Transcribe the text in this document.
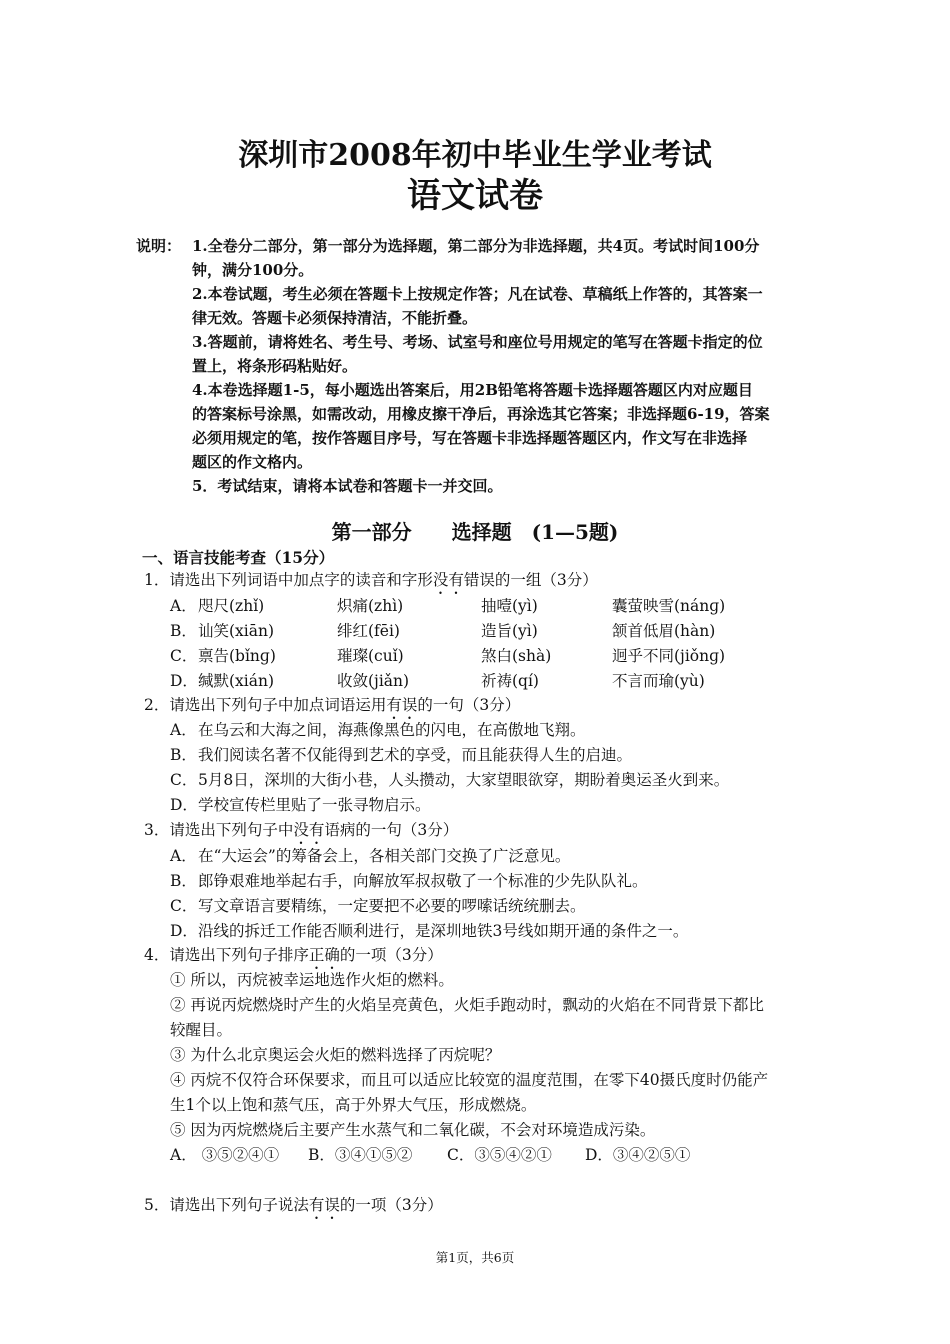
深圳市2008年初中毕业生学业考试
语文试卷
说明： 1.全卷分二部分，第一部分为选择题，第二部分为非选择题，共4页。考试时间100分
钟，满分100分。
2.本卷试题，考生必须在答题卡上按规定作答；凡在试卷、草稿纸上作答的，其答案一
律无效。答题卡必须保持清洁，不能折叠。
3.答题前，请将姓名、考生号、考场、试室号和座位号用规定的笔写在答题卡指定的位
置上，将条形码粘贴好。
4.本卷选择题1-5，每小题选出答案后，用2B铅笔将答题卡选择题答题区内对应题目
的答案标号涂黑，如需改动，用橡皮擦干净后，再涂选其它答案；非选择题6-19，答案
必须用规定的笔，按作答题目序号，写在答题卡非选择题答题区内，作文写在非选择
题区的作文格内。
5．考试结束，请将本试卷和答题卡一并交回。
第一部分　　选择题　(1—5题)
一、语言技能考查（15分）
1．请选出下列词语中加点字的读音和字形没有错误的一组（3分）
A． 咫尺(zhǐ)	炽痛(zhì)	抽噎(yì)	囊萤映雪(nánɡ)
B． 讪笑(xiān)	绯红(fēi)	造旨(yì)	颔首低眉(hàn)
C． 禀告(bǐnɡ)	璀璨(cuǐ)	煞白(shà)	迥乎不同(jiǒnɡ)
D． 缄默(xián)	收敛(jiǎn)	祈祷(qí)	不言而瑜(yù)
2．请选出下列句子中加点词语运用有误的一句（3分）
A． 在乌云和大海之间，海燕像黑色的闪电，在高傲地飞翔。
B． 我们阅读名著不仅能得到艺术的享受，而且能获得人生的启迪。
C． 5月8日，深圳的大街小巷，人头攒动，大家望眼欲穿，期盼着奥运圣火到来。
D． 学校宣传栏里贴了一张寻物启示。
3．请选出下列句子中没有语病的一句（3分）
A． 在“大运会”的筹备会上，各相关部门交换了广泛意见。
B． 郎铮艰难地举起右手，向解放军叔叔敬了一个标准的少先队队礼。
C． 写文章语言要精练，一定要把不必要的啰嗦话统统删去。
D． 沿线的拆迁工作能否顺利进行，是深圳地铁3号线如期开通的条件之一。
4．请选出下列句子排序正确的一项（3分）
① 所以，丙烷被幸运地选作火炬的燃料。
② 再说丙烷燃烧时产生的火焰呈亮黄色，火炬手跑动时，飘动的火焰在不同背景下都比
较醒目。
③ 为什么北京奥运会火炬的燃料选择了丙烷呢？
④ 丙烷不仅符合环保要求，而且可以适应比较宽的温度范围，在零下40摄氏度时仍能产
生1个以上饱和蒸气压，高于外界大气压，形成燃烧。
⑤ 因为丙烷燃烧后主要产生水蒸气和二氧化碳，不会对环境造成污染。
A． ③⑤②④① B．③④①⑤② C．③⑤④②① D．③④②⑤①
5．请选出下列句子说法有误的一项（3分）
第1页，共6页
